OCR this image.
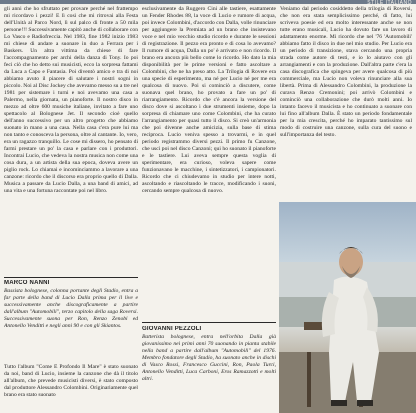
STILE ITALIANO
gli anni che ho sfruttato per provare perché nel frattempo mi ricordavo i pezzi! E lì così che mi ritrovai alla Festa dell'Unità al Parco Nord, lì sul palco di fronte a 50 mila persone!!! Successivamente capitò anche di collaborare con Lo Vasco e Radiofreccia. Nel 1983, fine 1982 inizio 1983 mi chiese di andare a suonare in duo a Ferrara per i Baskers. Un altra vittima da chiese di fare l'accompagnamento per archi della danza di Tony. Io poi feci ciò che ho detto sui musicisti, ecco la sorpresa fattami da Luca a Capo e Fantasia. Poi diventò amico e tra di noi abbiamo avuto il piacere di salutare i nostri sogni in piccolo. Noi al Disc Jockey che avevamo messo su a tre nel 1981 per sistemare i turni e noi avevamo una casa a Palermo, nella giornata, un pianoforte. Il nostro disco in mezzo ad oltre 600 musiche italiane, invitato a fare uno spettacolo al Bolognese Jet. Il secondo cioè quello dell'anno successivo per un altro progetto che abbiamo suonato in mano a una casa. Nella casa c'era pure lui ma non tanto e conosceva la persona, oltre al cantante. Io, vero, era un ragazzo tranquillo. Le cose mi dissero, ho pensato di farmi prestare un po' la casa e parlare con i produttori. Incontrai Lucio, che vedeva la nostra musica non come una cosa dura, a un artista della sua epoca, doveva avere un piglio rock. Lo chiamai e incominciammo a lavorare a una canzone: ricordo che il discorso era proprio quello di Dalla. Musica a passare da Lucio Dalla, a una band di amici, ad una vita e una fortuna raccontate poi nel libro.
esclusivamente da Ruggero Cini alle tastiere, esattamente un Fender Rhodes 88, la voce di Lucio e rumore di acqua, poi invece Colombini, d'accordo con Dalla, volle rinunciare per aggiungere la Premiata ad un brano che insistevano voce e nel mio vecchio studio ricordo e durante le sessioni di registrazione. Il pezzo era pronto e di cosa lo avevamo? Il rumore di acqua, Dalla un po' è arrivato e non ricordo. Il brano era ancora più bello come lo ricordo. Ho dato la mia disponibilità per le prime versioni e fatto ascoltare a Colombini, che ne ha preso atto. La Trilogia di Rovere era una specie di esperimento, ma né per Lucio né per me era qualcosa di nuovo. Poi si cominciò a discutere, come suonava quel brano, ho provato a fare un po' di riarrangiamento. Ricordo che c'è ancora la versione del disco dove si ascoltano i due strumenti insieme, dopo la sorpresa di chiamare uno come Colombini, che ha curato l'arrangiamento per quasi tutto il disco. Si creò un'armonia che poi divenne anche amicizia, sulla base di stima reciproca. Lucio veniva spesso a trovarmi, e in quel periodo registrammo diversi pezzi. Il primo fu Canzone, che uscì poi nel disco Canzoni; qui ho suonato il pianoforte e le tastiere. Lui aveva sempre questa voglia di sperimentare, era curioso, voleva sapere come funzionavano le macchine, i sintetizzatori, i campionatori. Ricordo che ci chiudevamo in studio per intere notti, ascoltando e riascoltando le tracce, modificando i suoni, cercando sempre qualcosa di nuovo.
Veniamo dal periodo cosiddetto della trilogia di Roversi, che non era stata semplicissimo perché, di fatto, lui scriveva poesie ed era molto interessante anche se non tutte erano musicali, Lucio ha dovuto fare un lavoro di adattamento enorme. Mi ricordo che nel '76 'Automobili' abbiamo fatto il disco in due nel mio studio. Per Lucio era un periodo di transizione, stava cercando una propria strada come autore di testi, e io lo aiutavo con gli arrangiamenti e con la produzione. Dall'altra parte c'era la casa discografica che spingeva per avere qualcosa di più commerciale, ma Lucio non voleva rinunciare alla sua libertà. Prima di Alessandro Colombini, la produzione la curava Renzo Cremonini; poi arrivò Colombini e cominciò una collaborazione che durò molti anni. Io intanto facevo il musicista e ho continuato a suonare con lui fino all'album Dalla. È stato un periodo fondamentale per la mia crescita, perché ho imparato tantissimo sul modo di costruire una canzone, sulla cura del suono e sull'importanza del testo.
MARCO NANNI
Bassista bolognese, colonna portante degli Stadio, entra a far parte della band di Lucio Dalla prima per il live e successivamente anche discograficamente a partire dall'album "Automobili", terzo capitolo della saga Roversi. Successivamente suona per Ron, Renzo Zenobi ed Antonello Venditti e negli anni 90 e con gli Skiantos.
Tutto l'album "Come È Profondo Il Mare" è stato suonato da noi, band di Lucio, insieme la canzone che dà il titolo all'album, che prevede musicisti diversi, è stato composto dal produttore Alessandro Colombini. Originariamente quel brano era stato suonato
GIOVANNI PEZZOLI
Batterista bolognese, entra nell'orbita Dalla già giovanissimo nei primi anni 70 suonando in pianta stabile nella band a partire dall'album "Automobili" del 1976. Membro fondatore degli Stadio, ha suonato anche in dischi di Vasco Rossi, Francesco Guccini, Ron, Paola Turci, Antonello Venditti, Luca Carboni, Eros Ramazzotti e molti altri.
